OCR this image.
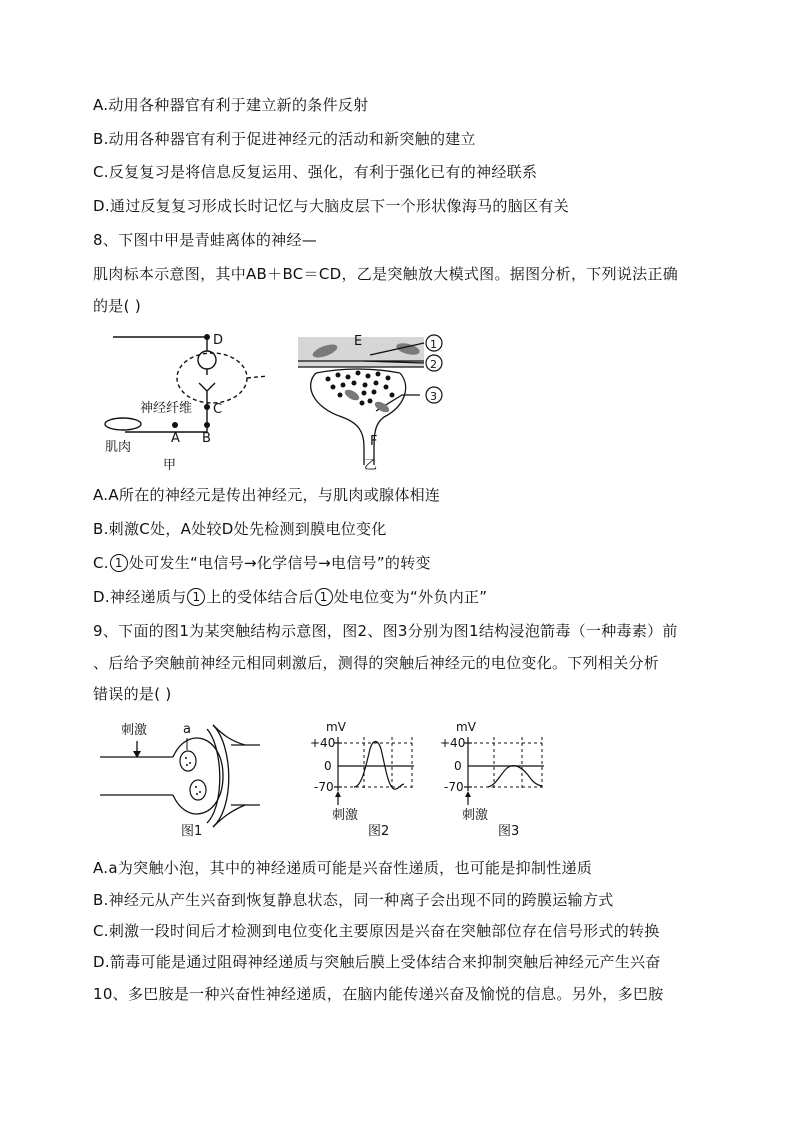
A.动用各种器官有利于建立新的条件反射
B.动用各种器官有利于促进神经元的活动和新突触的建立
C.反复复习是将信息反复运用、强化，有利于强化已有的神经联系
D.通过反复复习形成长时记忆与大脑皮层下一个形状像海马的脑区有关
8、下图中甲是青蛙离体的神经—
肌肉标本示意图，其中AB＋BC＝CD，乙是突触放大模式图。据图分析，下列说法正确
的是( )
D
C
A B
神经纤维
肌肉
甲
1
2
3
E
F
乙
A.A所在的神经元是传出神经元，与肌肉或腺体相连
B.刺激C处，A处较D处先检测到膜电位变化
C. 1 处可发生“电信号→化学信号→电信号”的转变
D.神经递质与 1 上的受体结合后 1 处电位变为“外负内正”
9、下面的图1为某突触结构示意图，图2、图3分别为图1结构浸泡箭毒（一种毒素）前
、后给予突触前神经元相同刺激后，测得的突触后神经元的电位变化。下列相关分析
错误的是( )
刺激	a
图1
mV
+40
0
-70
刺激
图2
mV
+40
0
-70
刺激
图3
A.a为突触小泡，其中的神经递质可能是兴奋性递质，也可能是抑制性递质
B.神经元从产生兴奋到恢复静息状态，同一种离子会出现不同的跨膜运输方式
C.刺激一段时间后才检测到电位变化主要原因是兴奋在突触部位存在信号形式的转换
D.箭毒可能是通过阻碍神经递质与突触后膜上受体结合来抑制突触后神经元产生兴奋
10、多巴胺是一种兴奋性神经递质，在脑内能传递兴奋及愉悦的信息。另外，多巴胺
